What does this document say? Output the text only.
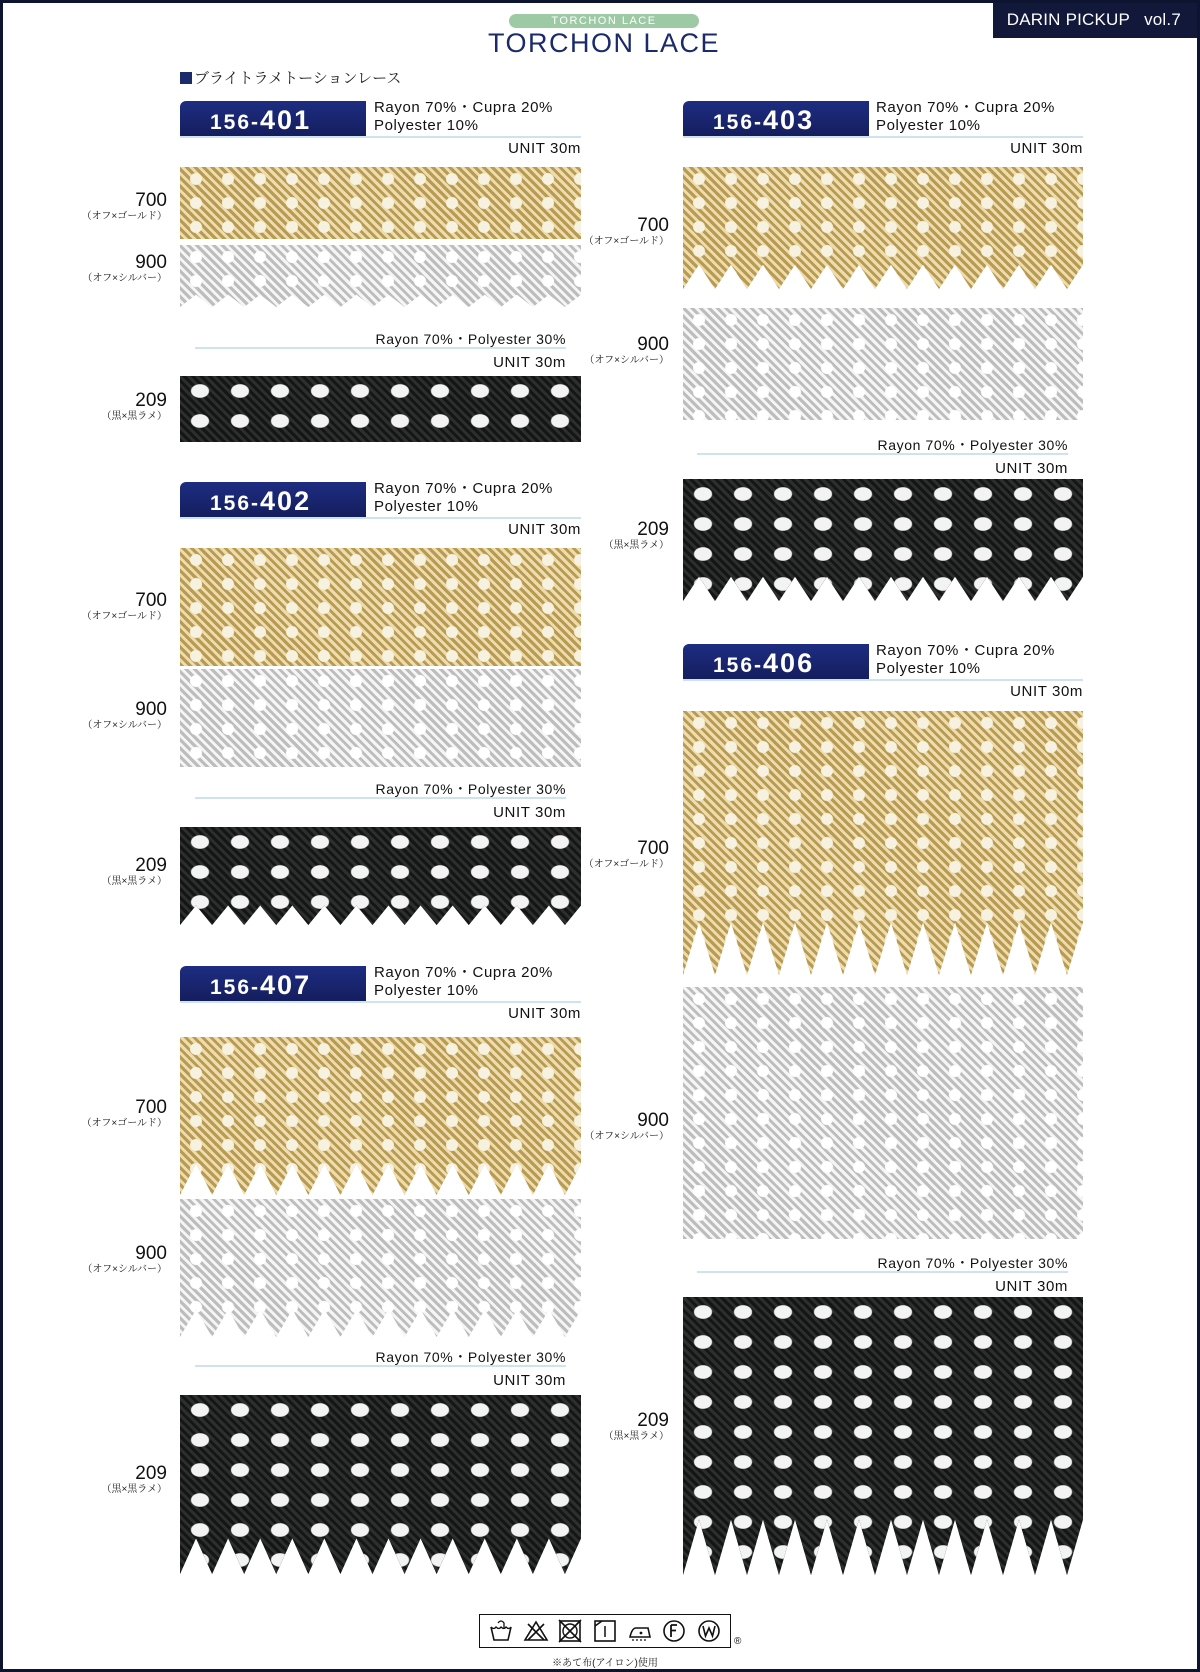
DARIN PICKUP vol.7
TORCHON LACE
TORCHON LACE
ブライトラメトーションレース
156-401	Rayon 70%・Cupra 20%
Polyester 10%
UNIT 30m
700
（オフ×ゴールド）
900
（オフ×シルバー）
Rayon 70%・Polyester 30%
UNIT 30m
209
（黒×黒ラメ）
156-402	Rayon 70%・Cupra 20%
Polyester 10%
UNIT 30m
700
（オフ×ゴールド）
900
（オフ×シルバー）
Rayon 70%・Polyester 30%
UNIT 30m
209
（黒×黒ラメ）
156-407	Rayon 70%・Cupra 20%
Polyester 10%
UNIT 30m
700
（オフ×ゴールド）
900
（オフ×シルバー）
Rayon 70%・Polyester 30%
UNIT 30m
209
（黒×黒ラメ）
156-403	Rayon 70%・Cupra 20%
Polyester 10%
UNIT 30m
700
（オフ×ゴールド）
900
（オフ×シルバー）
Rayon 70%・Polyester 30%
UNIT 30m
209
（黒×黒ラメ）
156-406	Rayon 70%・Cupra 20%
Polyester 10%
UNIT 30m
700
（オフ×ゴールド）
900
（オフ×シルバー）
Rayon 70%・Polyester 30%
UNIT 30m
209
（黒×黒ラメ）
®
※あて布(アイロン)使用
